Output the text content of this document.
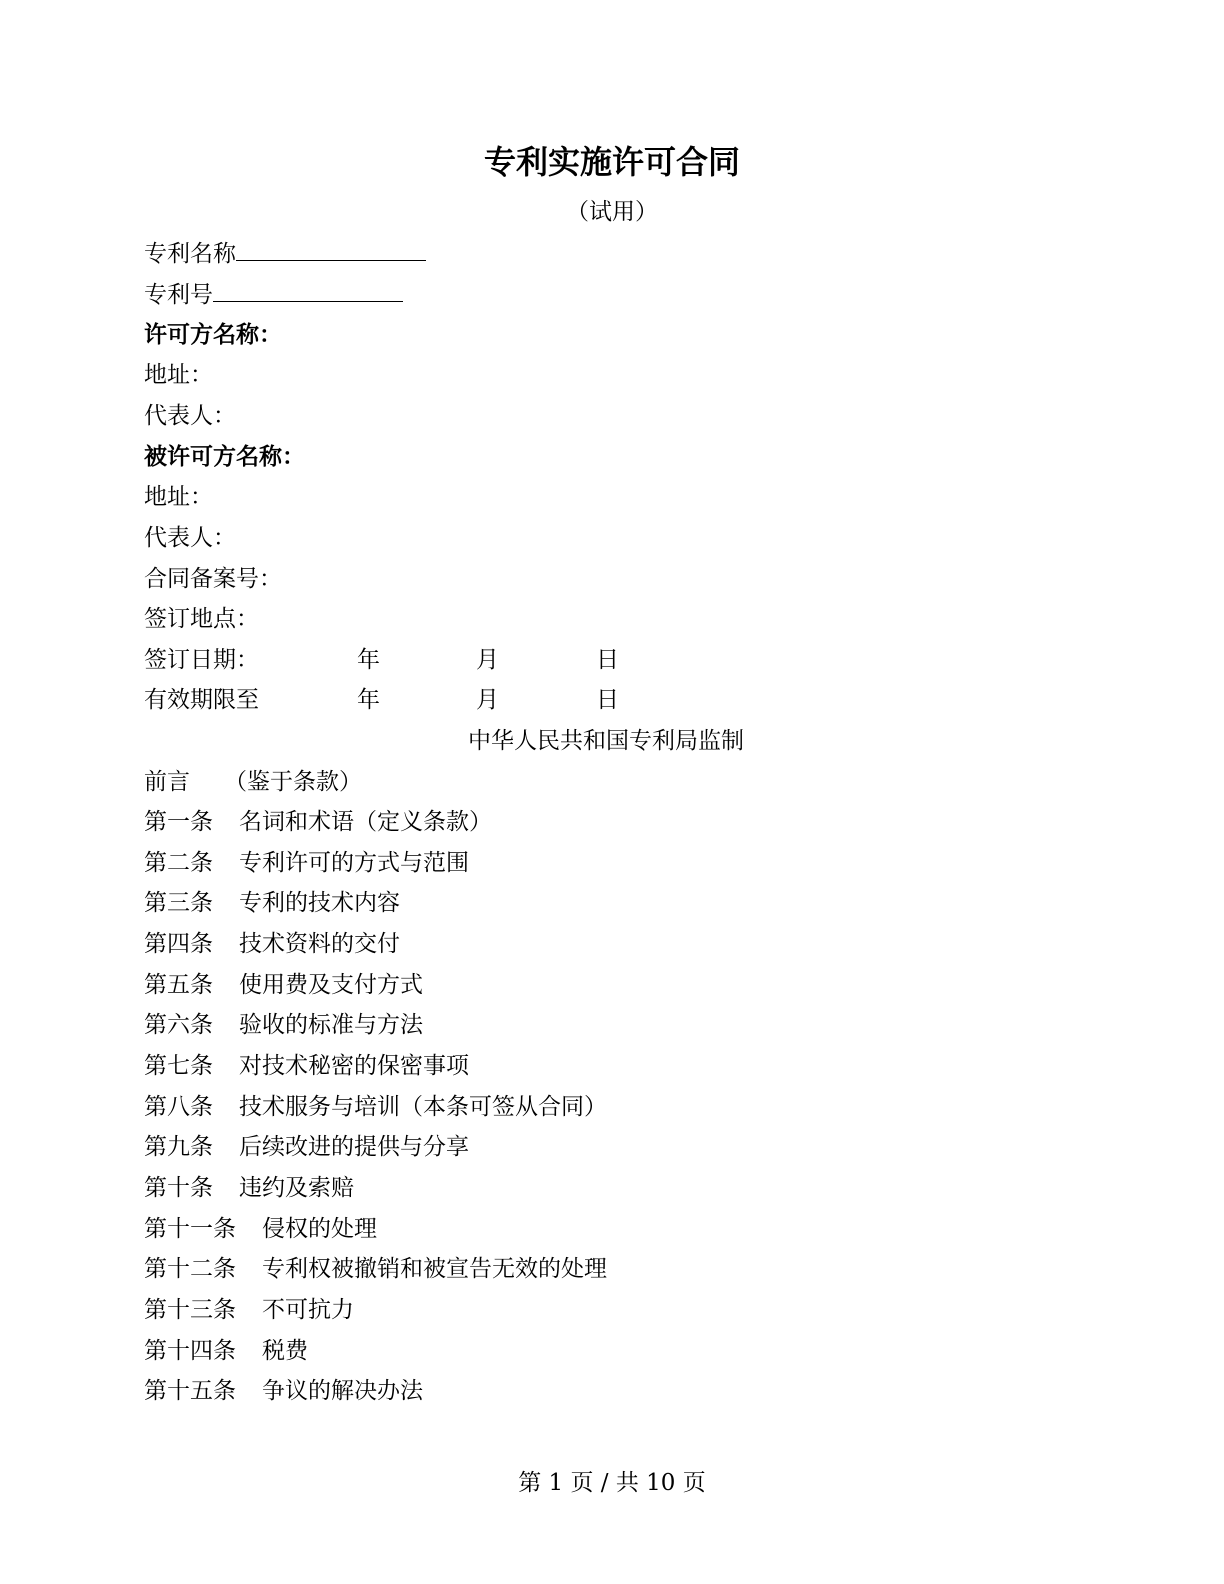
专利实施许可合同
（试用）
专利名称
专利号
许可方名称：
地址：
代表人：
被许可方名称：
地址：
代表人：
合同备案号：
签订地点：
签订日期：	年	月	日
有效期限至	年	月	日
中华人民共和国专利局监制
前言 （鉴于条款）
第一条 名词和术语（定义条款）
第二条 专利许可的方式与范围
第三条 专利的技术内容
第四条 技术资料的交付
第五条 使用费及支付方式
第六条 验收的标准与方法
第七条 对技术秘密的保密事项
第八条 技术服务与培训（本条可签从合同）
第九条 后续改进的提供与分享
第十条 违约及索赔
第十一条 侵权的处理
第十二条 专利权被撤销和被宣告无效的处理
第十三条 不可抗力
第十四条 税费
第十五条 争议的解决办法
第 1 页 / 共 10 页
